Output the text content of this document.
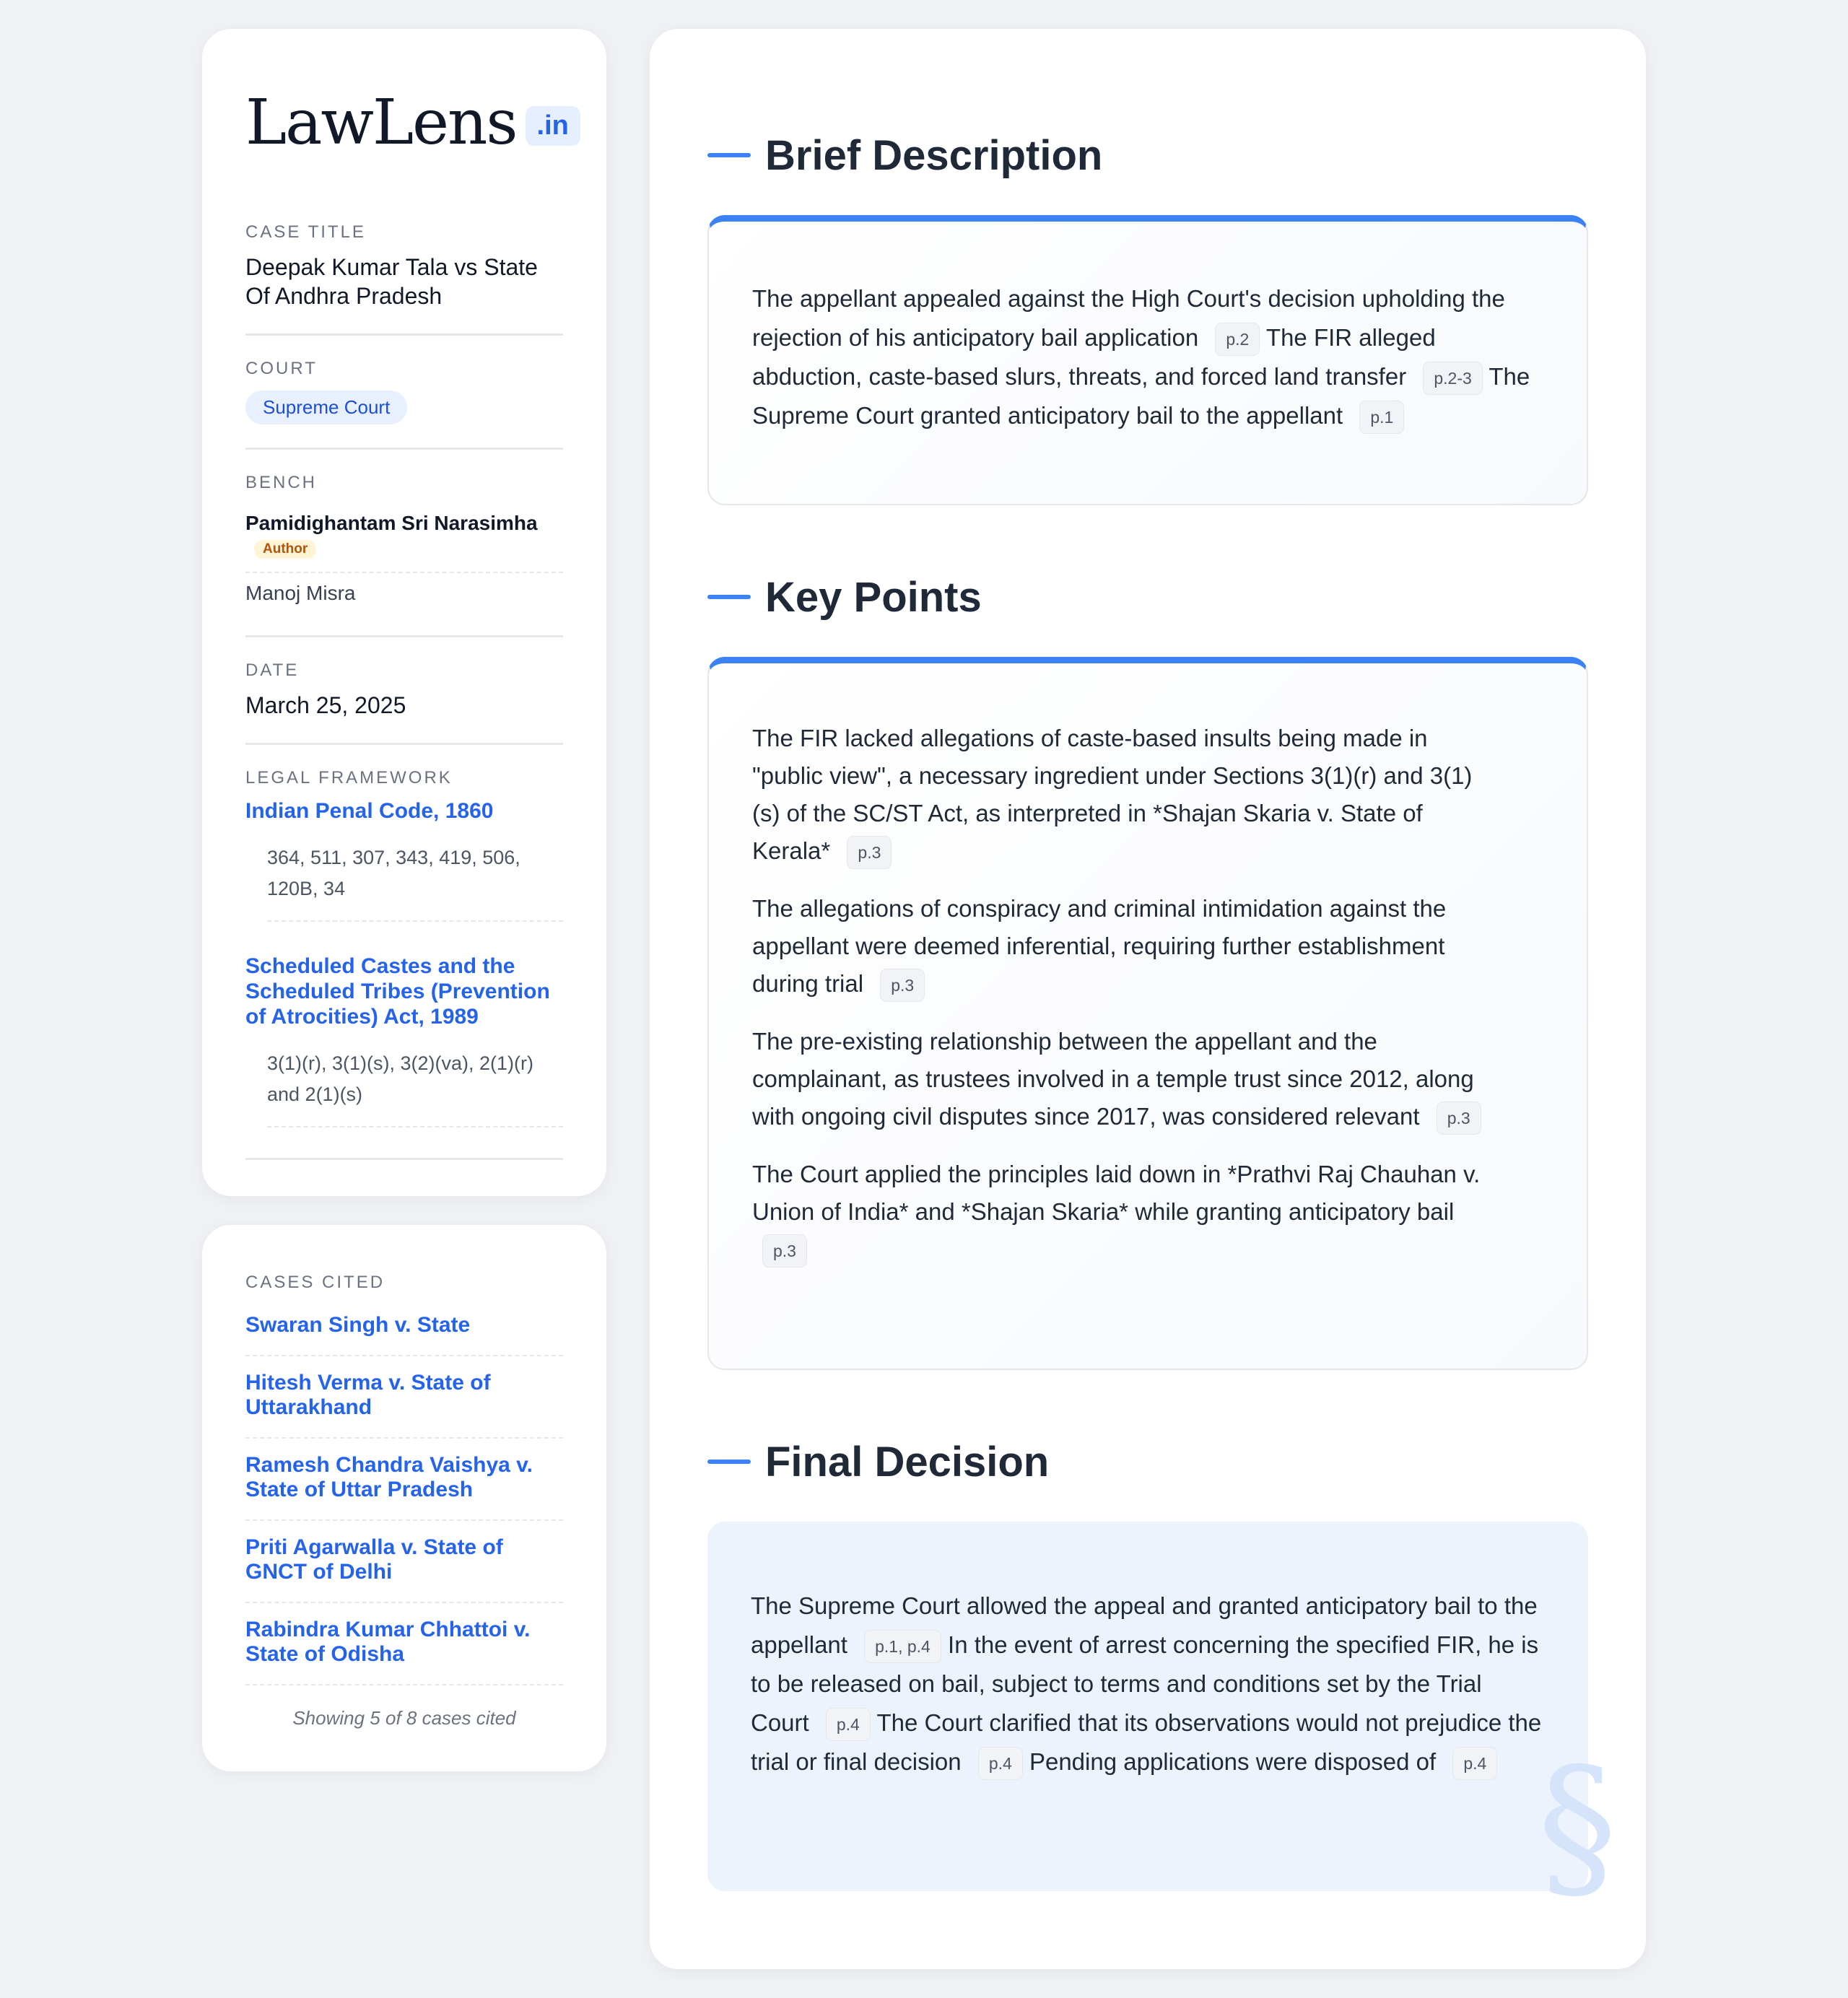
LawLens .in
CASE TITLE
Deepak Kumar Tala vs State Of Andhra Pradesh
COURT
Supreme Court
BENCH
Pamidighantam Sri Narasimha
Author
Manoj Misra
DATE
March 25, 2025
LEGAL FRAMEWORK
Indian Penal Code, 1860
364, 511, 307, 343, 419, 506, 120B, 34
Scheduled Castes and the Scheduled Tribes (Prevention of Atrocities) Act, 1989
3(1)(r), 3(1)(s), 3(2)(va), 2(1)(r) and 2(1)(s)
CASES CITED
Swaran Singh v. State
Hitesh Verma v. State of Uttarakhand
Ramesh Chandra Vaishya v. State of Uttar Pradesh
Priti Agarwalla v. State of GNCT of Delhi
Rabindra Kumar Chhattoi v. State of Odisha
Showing 5 of 8 cases cited
Brief Description

The appellant appealed against the High Court's decision upholding the rejection of his anticipatory bail application p.2 The FIR alleged abduction, caste-based slurs, threats, and forced land transfer p.2-3 The Supreme Court granted anticipatory bail to the appellant p.1

Key Points

The FIR lacked allegations of caste-based insults being made in "public view", a necessary ingredient under Sections 3(1)(r) and 3(1)(s) of the SC/ST Act, as interpreted in *Shajan Skaria v. State of Kerala* p.3

The allegations of conspiracy and criminal intimidation against the appellant were deemed inferential, requiring further establishment during trial p.3

The pre-existing relationship between the appellant and the complainant, as trustees involved in a temple trust since 2012, along with ongoing civil disputes since 2017, was considered relevant p.3

The Court applied the principles laid down in *Prathvi Raj Chauhan v. Union of India* and *Shajan Skaria* while granting anticipatory bail p.3

Final Decision
§

The Supreme Court allowed the appeal and granted anticipatory bail to the appellant p.1, p.4 In the event of arrest concerning the specified FIR, he is to be released on bail, subject to terms and conditions set by the Trial Court p.4 The Court clarified that its observations would not prejudice the trial or final decision p.4 Pending applications were disposed of p.4
